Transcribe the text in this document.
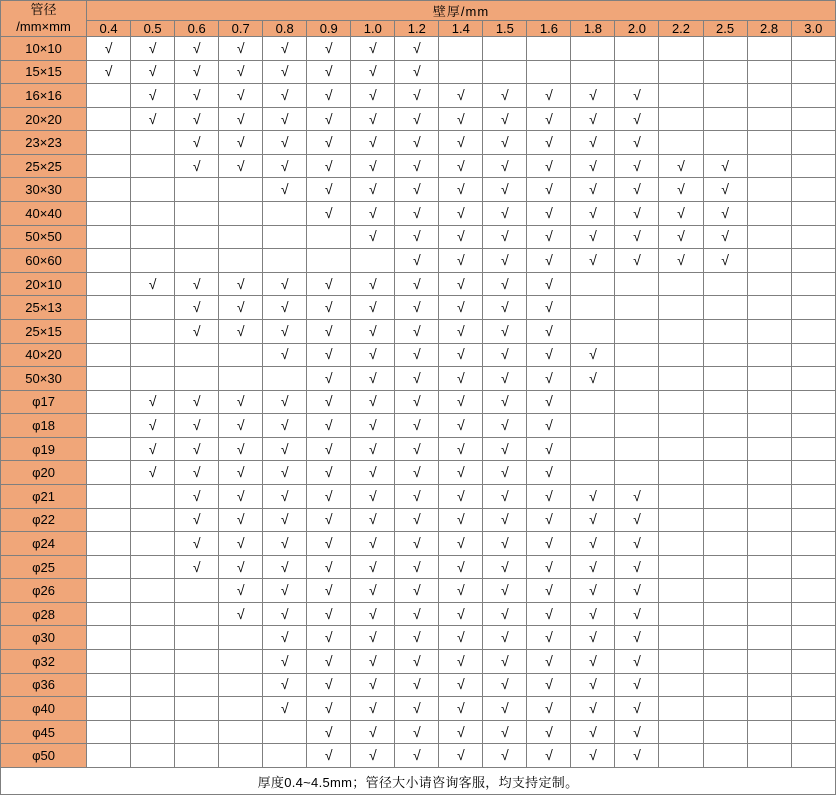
管径
/mm×mm	壁厚/mm																
	0.4	0.5	0.6	0.7	0.8	0.9	1.0	1.2	1.4	1.5	1.6	1.8	2.0	2.2	2.5	2.8	3.0
10×10	√	√	√	√	√	√	√	√									
15×15	√	√	√	√	√	√	√	√									
16×16		√	√	√	√	√	√	√	√	√	√	√	√				
20×20		√	√	√	√	√	√	√	√	√	√	√	√				
23×23			√	√	√	√	√	√	√	√	√	√	√				
25×25			√	√	√	√	√	√	√	√	√	√	√	√	√		
30×30					√	√	√	√	√	√	√	√	√	√	√		
40×40						√	√	√	√	√	√	√	√	√	√		
50×50							√	√	√	√	√	√	√	√	√		
60×60								√	√	√	√	√	√	√	√		
20×10		√	√	√	√	√	√	√	√	√	√						
25×13			√	√	√	√	√	√	√	√	√						
25×15			√	√	√	√	√	√	√	√	√						
40×20					√	√	√	√	√	√	√	√					
50×30						√	√	√	√	√	√	√					
φ17		√	√	√	√	√	√	√	√	√	√						
φ18		√	√	√	√	√	√	√	√	√	√						
φ19		√	√	√	√	√	√	√	√	√	√						
φ20		√	√	√	√	√	√	√	√	√	√						
φ21			√	√	√	√	√	√	√	√	√	√	√				
φ22			√	√	√	√	√	√	√	√	√	√	√				
φ24			√	√	√	√	√	√	√	√	√	√	√				
φ25			√	√	√	√	√	√	√	√	√	√	√				
φ26				√	√	√	√	√	√	√	√	√	√				
φ28				√	√	√	√	√	√	√	√	√	√				
φ30					√	√	√	√	√	√	√	√	√				
φ32					√	√	√	√	√	√	√	√	√				
φ36					√	√	√	√	√	√	√	√	√				
φ40					√	√	√	√	√	√	√	√	√				
φ45						√	√	√	√	√	√	√	√				
φ50						√	√	√	√	√	√	√	√				
厚度0.4~4.5mm；管径大小请咨询客服，均支持定制。																	
